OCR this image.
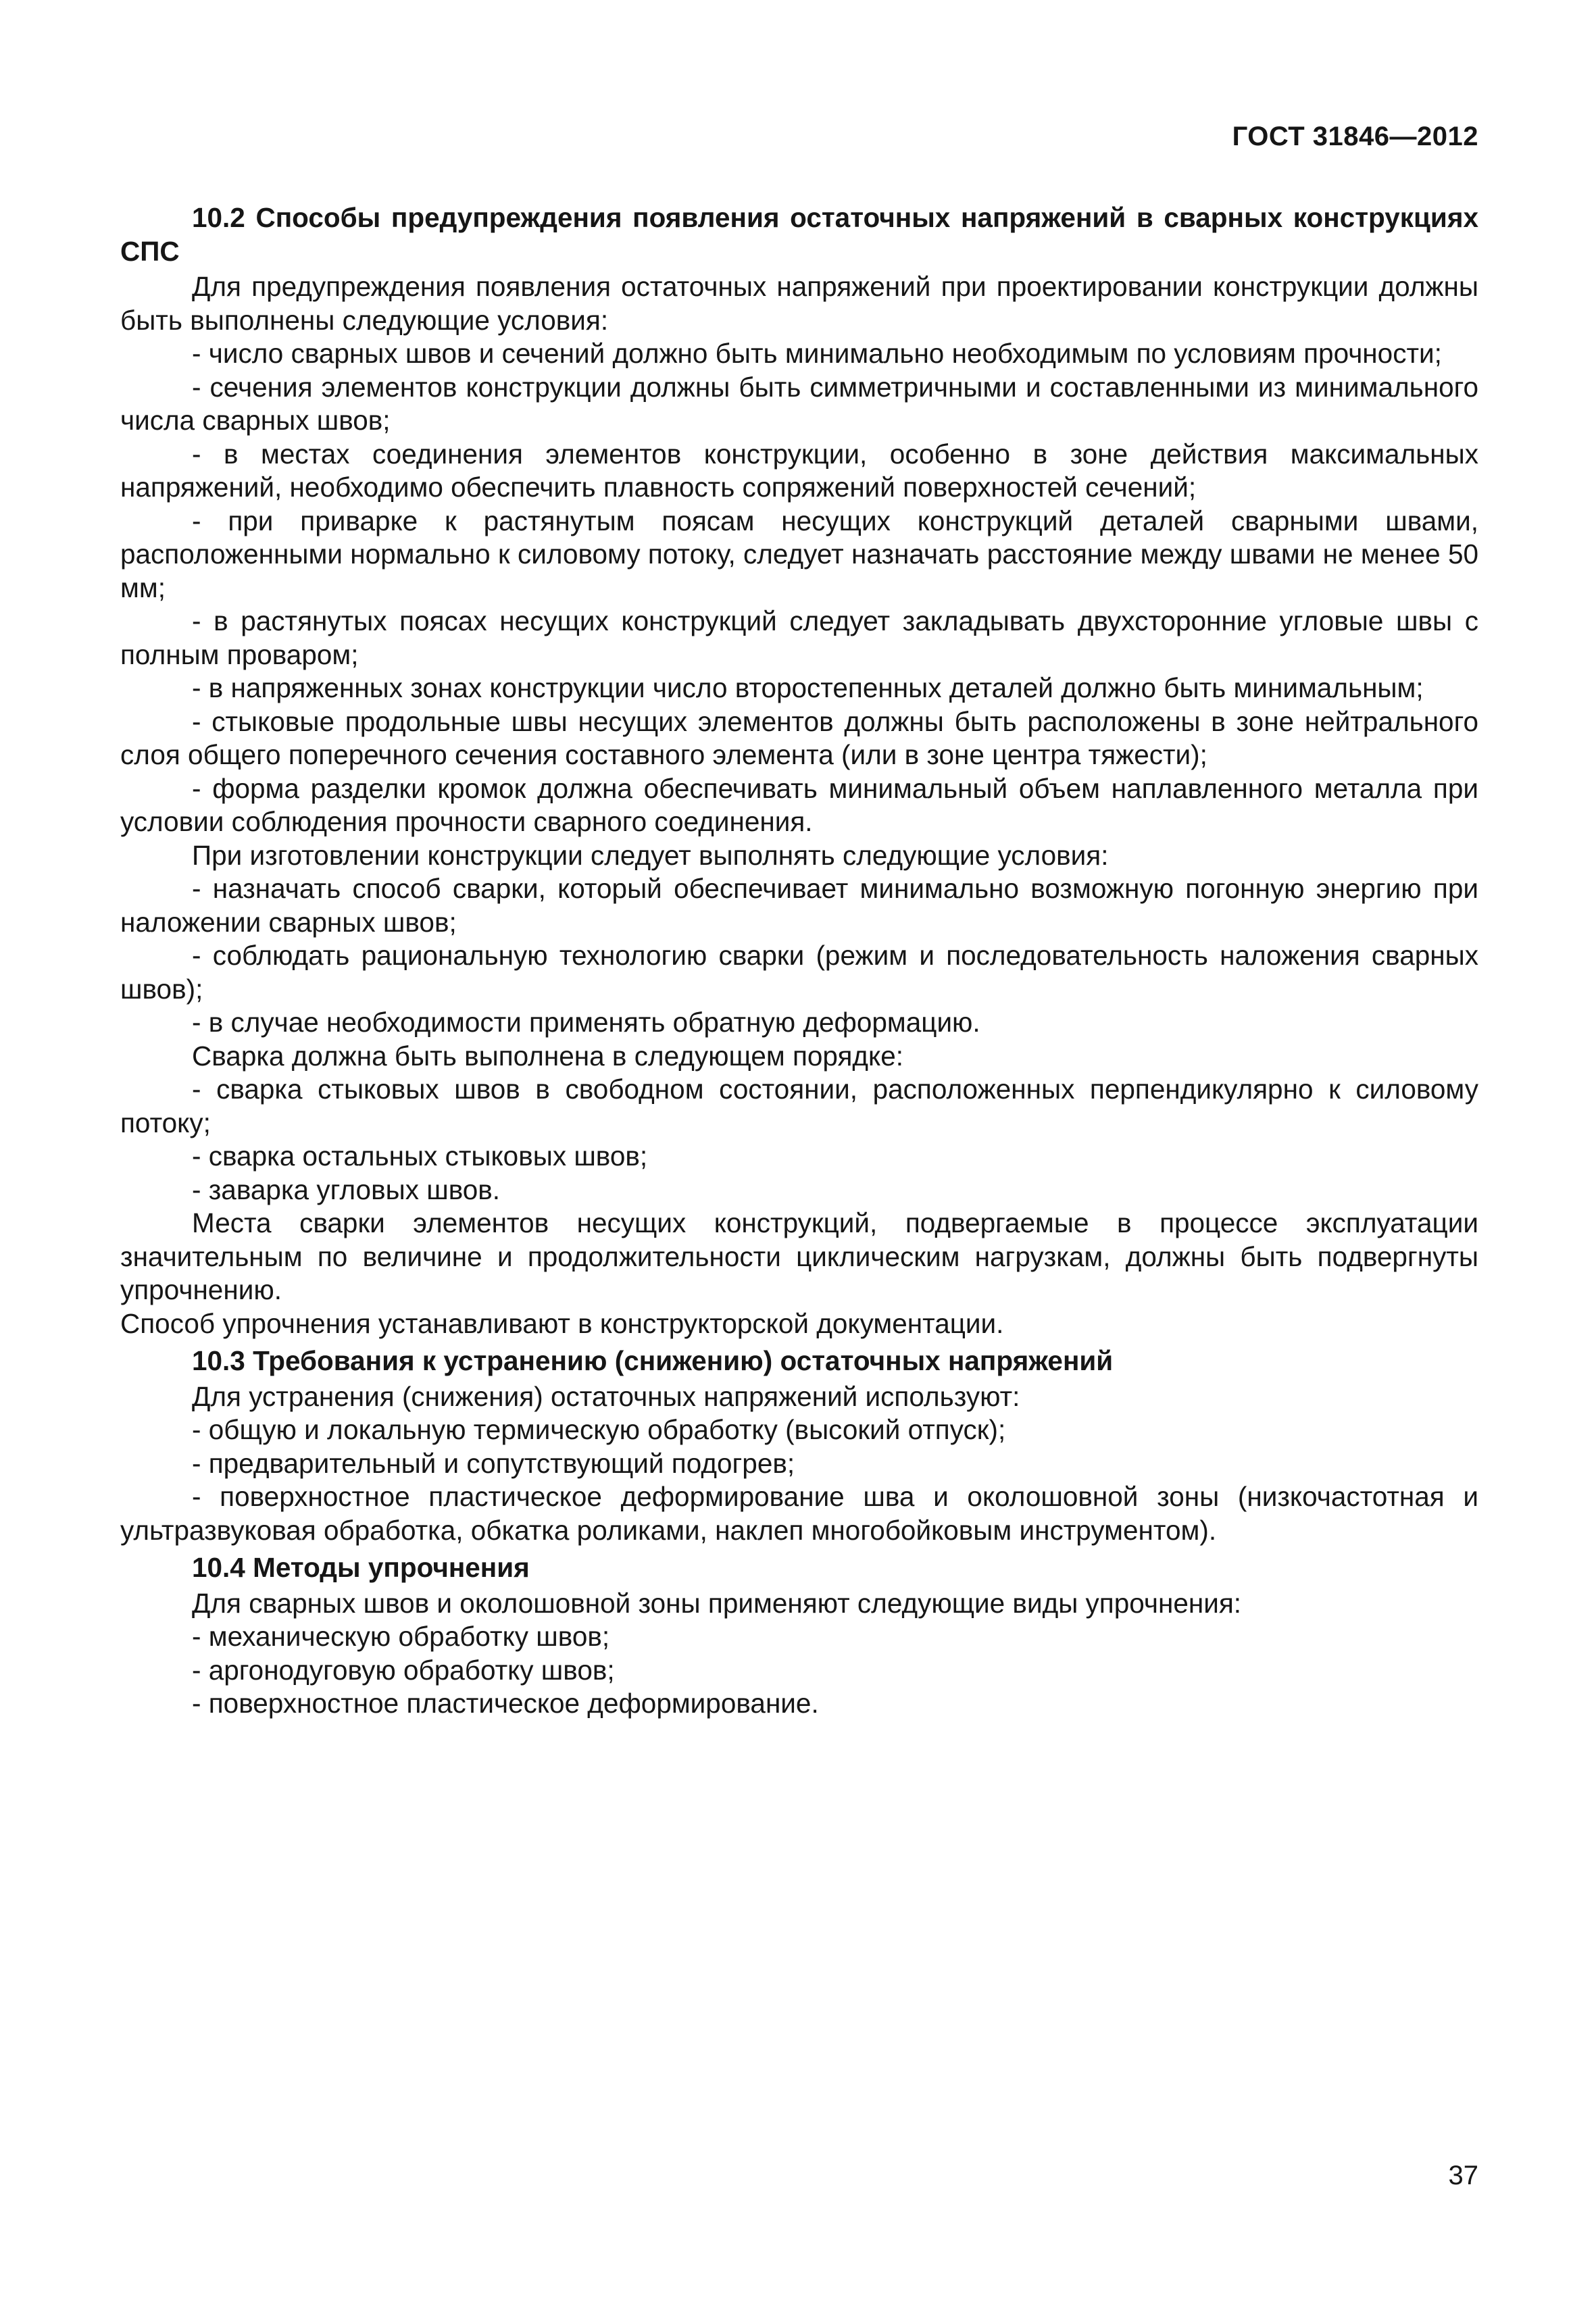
ГОСТ 31846—2012
10.2 Способы предупреждения появления остаточных напряжений в сварных конструкциях СПС

Для предупреждения появления остаточных напряжений при проектировании конструкции должны быть выполнены следующие условия:

- число сварных швов и сечений должно быть минимально необходимым по условиям прочности;

- сечения элементов конструкции должны быть симметричными и составленными из минимального числа сварных швов;

- в местах соединения элементов конструкции, особенно в зоне действия максимальных напряжений, необходимо обеспечить плавность сопряжений поверхностей сечений;

- при приварке к растянутым поясам несущих конструкций деталей сварными швами, расположенными нормально к силовому потоку, следует назначать расстояние между швами не менее 50 мм;

- в растянутых поясах несущих конструкций следует закладывать двухсторонние угловые швы с полным проваром;

- в напряженных зонах конструкции число второстепенных деталей должно быть минимальным;

- стыковые продольные швы несущих элементов должны быть расположены в зоне нейтрального слоя общего поперечного сечения составного элемента (или в зоне центра тяжести);

- форма разделки кромок должна обеспечивать минимальный объем наплавленного металла при условии соблюдения прочности сварного соединения.

При изготовлении конструкции следует выполнять следующие условия:

- назначать способ сварки, который обеспечивает минимально возможную погонную энергию при наложении сварных швов;

- соблюдать рациональную технологию сварки (режим и последовательность наложения сварных швов);

- в случае необходимости применять обратную деформацию.

Сварка должна быть выполнена в следующем порядке:

- сварка стыковых швов в свободном состоянии, расположенных перпендикулярно к силовому потоку;

- сварка остальных стыковых швов;

- заварка угловых швов.

Места сварки элементов несущих конструкций, подвергаемые в процессе эксплуатации значительным по величине и продолжительности циклическим нагрузкам, должны быть подвергнуты упрочнению.

Способ упрочнения устанавливают в конструкторской документации.

10.3 Требования к устранению (снижению) остаточных напряжений

Для устранения (снижения) остаточных напряжений используют:

- общую и локальную термическую обработку (высокий отпуск);

- предварительный и сопутствующий подогрев;

- поверхностное пластическое деформирование шва и околошовной зоны (низкочастотная и ультразвуковая обработка, обкатка роликами, наклеп многобойковым инструментом).

10.4 Методы упрочнения

Для сварных швов и околошовной зоны применяют следующие виды упрочнения:

- механическую обработку швов;

- аргонодуговую обработку швов;

- поверхностное пластическое деформирование.

37
